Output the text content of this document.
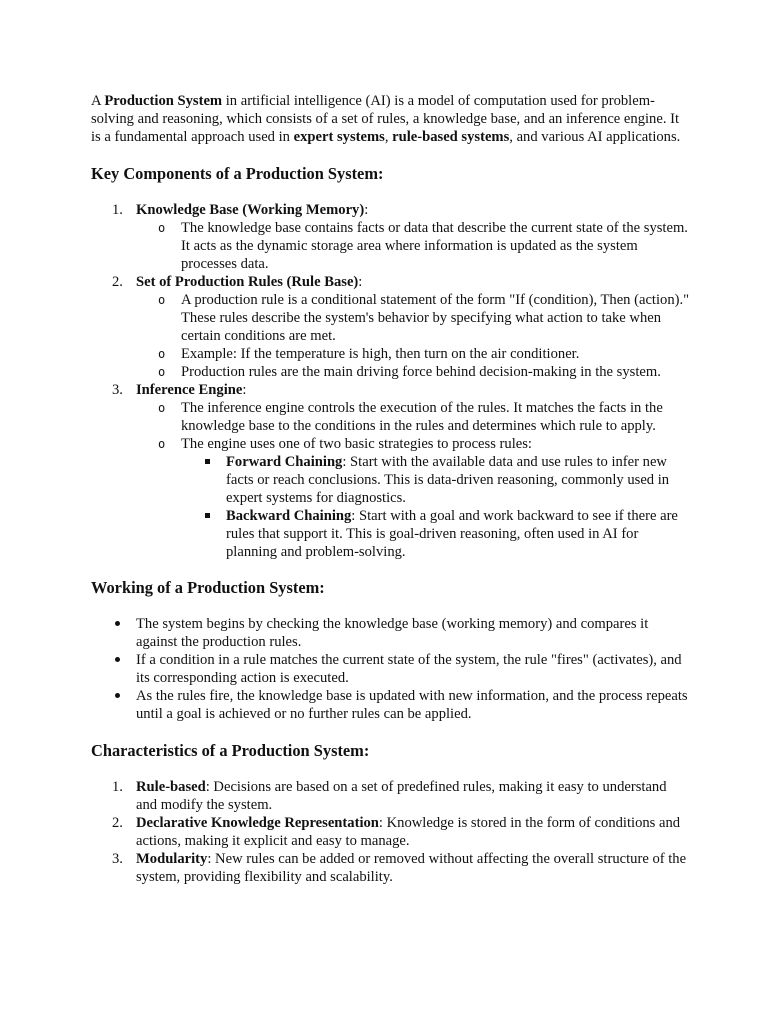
A Production System in artificial intelligence (AI) is a model of computation used for problem-solving and reasoning, which consists of a set of rules, a knowledge base, and an inference engine. It is a fundamental approach used in expert systems, rule-based systems, and various AI applications.

Key Components of a Production System:
1. Knowledge Base (Working Memory):
o The knowledge base contains facts or data that describe the current state of the system. It acts as the dynamic storage area where information is updated as the system processes data.
2. Set of Production Rules (Rule Base):
o A production rule is a conditional statement of the form "If (condition), Then (action)." These rules describe the system's behavior by specifying what action to take when certain conditions are met.
o Example: If the temperature is high, then turn on the air conditioner.
o Production rules are the main driving force behind decision-making in the system.
3. Inference Engine:
o The inference engine controls the execution of the rules. It matches the facts in the knowledge base to the conditions in the rules and determines which rule to apply.
o The engine uses one of two basic strategies to process rules:
Forward Chaining: Start with the available data and use rules to infer new facts or reach conclusions. This is data-driven reasoning, commonly used in expert systems for diagnostics.
Backward Chaining: Start with a goal and work backward to see if there are rules that support it. This is goal-driven reasoning, often used in AI for planning and problem-solving.
Working of a Production System:
The system begins by checking the knowledge base (working memory) and compares it against the production rules.
If a condition in a rule matches the current state of the system, the rule "fires" (activates), and its corresponding action is executed.
As the rules fire, the knowledge base is updated with new information, and the process repeats until a goal is achieved or no further rules can be applied.
Characteristics of a Production System:
1. Rule-based: Decisions are based on a set of predefined rules, making it easy to understand and modify the system.
2. Declarative Knowledge Representation: Knowledge is stored in the form of conditions and actions, making it explicit and easy to manage.
3. Modularity: New rules can be added or removed without affecting the overall structure of the system, providing flexibility and scalability.
